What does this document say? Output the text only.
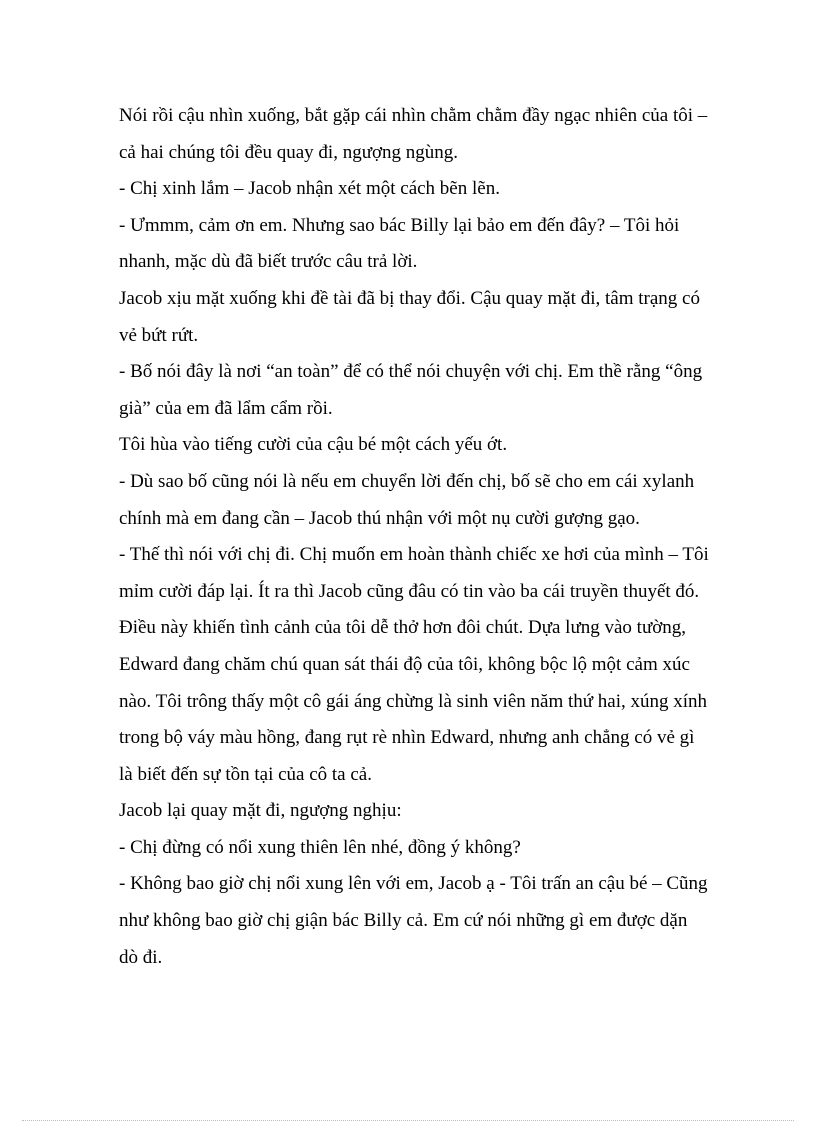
Nói rồi cậu nhìn xuống, bắt gặp cái nhìn chằm chằm đầy ngạc nhiên của tôi – cả hai chúng tôi đều quay đi, ngượng ngùng.

- Chị xinh lắm – Jacob nhận xét một cách bẽn lẽn.

- Ưmmm, cảm ơn em. Nhưng sao bác Billy lại bảo em đến đây? – Tôi hỏi nhanh, mặc dù đã biết trước câu trả lời.

Jacob xịu mặt xuống khi đề tài đã bị thay đổi. Cậu quay mặt đi, tâm trạng có vẻ bứt rứt.

- Bố nói đây là nơi “an toàn” để có thể nói chuyện với chị. Em thề rằng “ông già” của em đã lẩm cẩm rồi.

Tôi hùa vào tiếng cười của cậu bé một cách yếu ớt.

- Dù sao bố cũng nói là nếu em chuyển lời đến chị, bố sẽ cho em cái xylanh chính mà em đang cần – Jacob thú nhận với một nụ cười gượng gạo.

- Thế thì nói với chị đi. Chị muốn em hoàn thành chiếc xe hơi của mình – Tôi mỉm cười đáp lại. Ít ra thì Jacob cũng đâu có tin vào ba cái truyền thuyết đó. Điều này khiến tình cảnh của tôi dễ thở hơn đôi chút. Dựa lưng vào tường, Edward đang chăm chú quan sát thái độ của tôi, không bộc lộ một cảm xúc nào. Tôi trông thấy một cô gái áng chừng là sinh viên năm thứ hai, xúng xính trong bộ váy màu hồng, đang rụt rè nhìn Edward, nhưng anh chẳng có vẻ gì là biết đến sự tồn tại của cô ta cả.

Jacob lại quay mặt đi, ngượng nghịu:

- Chị đừng có nổi xung thiên lên nhé, đồng ý không?

- Không bao giờ chị nổi xung lên với em, Jacob ạ - Tôi trấn an cậu bé – Cũng như không bao giờ chị giận bác Billy cả. Em cứ nói những gì em được dặn dò đi.
